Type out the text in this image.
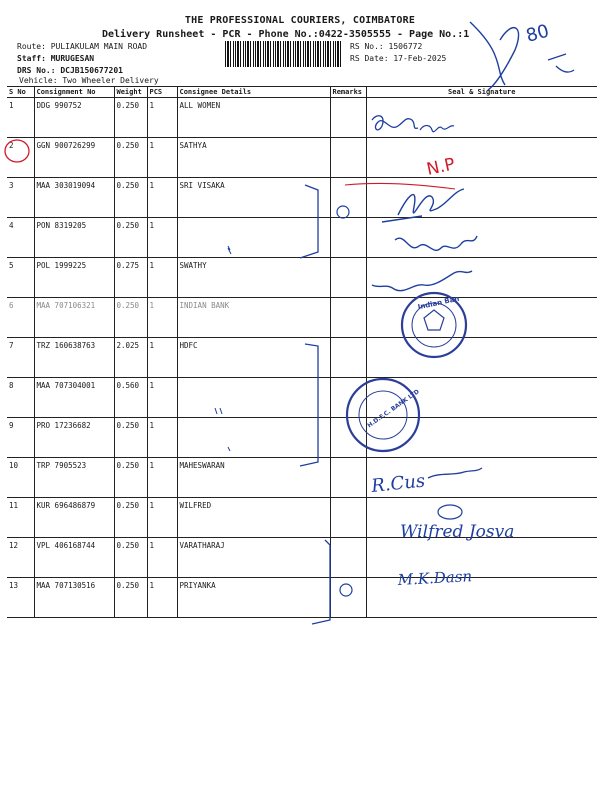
THE PROFESSIONAL COURIERS, COIMBATORE
Delivery Runsheet - PCR - Phone No.:0422-3505555 - Page No.:1
Route: PULIAKULAM MAIN ROAD
Staff: MURUGESAN
DRS No.: DCJB150677201
Vehicle: Two Wheeler Delivery
RS No.: 1506772
RS Date: 17-Feb-2025
S No	Consignment No	Weight	PCS	Consignee Details	Remarks	Seal & Signature
1	DDG 990752	0.250	1	ALL WOMEN		
2	GGN 900726299	0.250	1	SATHYA		
3	MAA 303019094	0.250	1	SRI VISAKA		
4	PON 8319205	0.250	1			
5	POL 1999225	0.275	1	SWATHY		
6	MAA 707106321	0.250	1	INDIAN BANK		
7	TRZ 160638763	2.025	1	HDFC		
8	MAA 707304001	0.560	1			
9	PRO 17236682	0.250	1			
10	TRP 7905523	0.250	1	MAHESWARAN		
11	KUR 696486879	0.250	1	WILFRED		
12	VPL 406168744	0.250	1	VARATHARAJ		
13	MAA 707130516	0.250	1	PRIYANKA		
80
N.P
Indian Ban
H.D.F.C. BANK LTD
R.Cus
Wilfred Josva
M.K.Dasn
